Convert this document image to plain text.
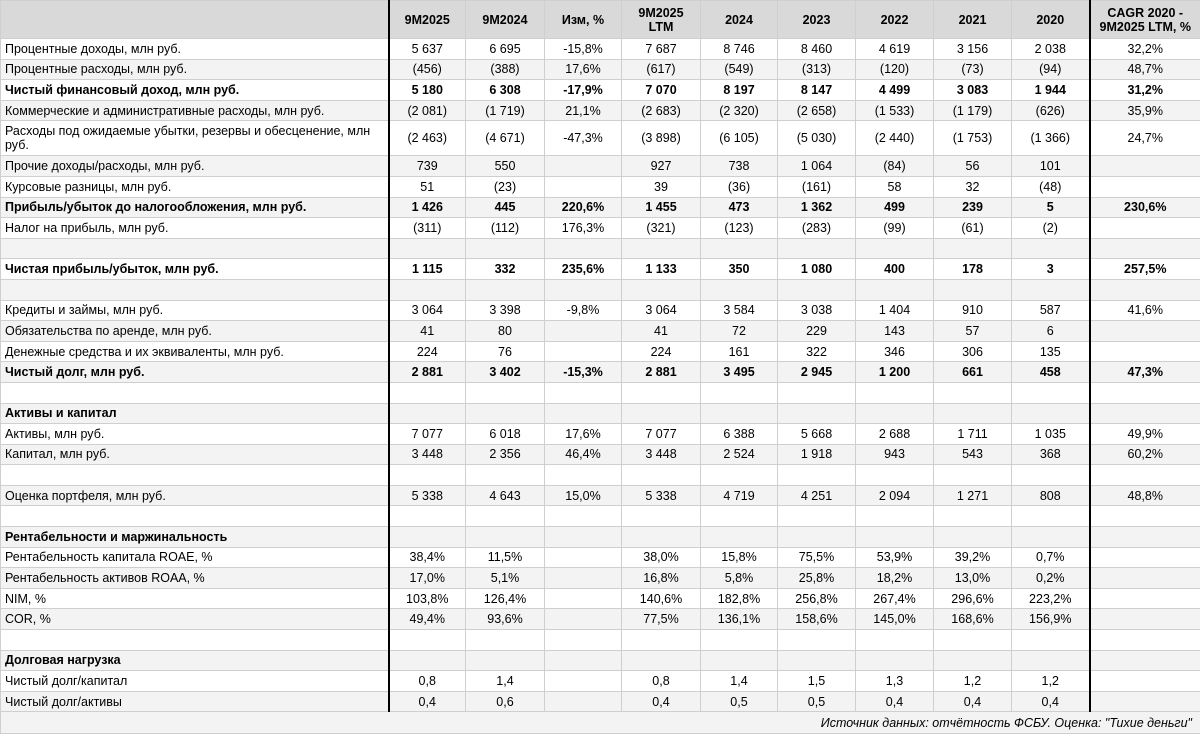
	9M2025	9M2024	Изм, %	9M2025 LTM	2024	2023	2022	2021	2020	CAGR 2020 - 9M2025 LTM, %
Процентные доходы, млн руб.	5 637	6 695	-15,8%	7 687	8 746	8 460	4 619	3 156	2 038	32,2%
Процентные расходы, млн руб.	(456)	(388)	17,6%	(617)	(549)	(313)	(120)	(73)	(94)	48,7%
Чистый финансовый доход, млн руб.	5 180	6 308	-17,9%	7 070	8 197	8 147	4 499	3 083	1 944	31,2%
Коммерческие и административные расходы, млн руб.	(2 081)	(1 719)	21,1%	(2 683)	(2 320)	(2 658)	(1 533)	(1 179)	(626)	35,9%
Расходы под ожидаемые убытки, резервы и обесценение, млн руб.	(2 463)	(4 671)	-47,3%	(3 898)	(6 105)	(5 030)	(2 440)	(1 753)	(1 366)	24,7%
Прочие доходы/расходы, млн руб.	739	550		927	738	1 064	(84)	56	101	
Курсовые разницы, млн руб.	51	(23)		39	(36)	(161)	58	32	(48)	
Прибыль/убыток до налогообложения, млн руб.	1 426	445	220,6%	1 455	473	1 362	499	239	5	230,6%
Налог на прибыль, млн руб.	(311)	(112)	176,3%	(321)	(123)	(283)	(99)	(61)	(2)	

Чистая прибыль/убыток, млн руб.	1 115	332	235,6%	1 133	350	1 080	400	178	3	257,5%

Кредиты и займы, млн руб.	3 064	3 398	-9,8%	3 064	3 584	3 038	1 404	910	587	41,6%
Обязательства по аренде, млн руб.	41	80		41	72	229	143	57	6	
Денежные средства и их эквиваленты, млн руб.	224	76		224	161	322	346	306	135	
Чистый долг, млн руб.	2 881	3 402	-15,3%	2 881	3 495	2 945	1 200	661	458	47,3%

Активы и капитал										
Активы, млн руб.	7 077	6 018	17,6%	7 077	6 388	5 668	2 688	1 711	1 035	49,9%
Капитал, млн руб.	3 448	2 356	46,4%	3 448	2 524	1 918	943	543	368	60,2%

Оценка портфеля, млн руб.	5 338	4 643	15,0%	5 338	4 719	4 251	2 094	1 271	808	48,8%

Рентабельности и маржинальность										
Рентабельность капитала ROAE, %	38,4%	11,5%		38,0%	15,8%	75,5%	53,9%	39,2%	0,7%	
Рентабельность активов ROAA, %	17,0%	5,1%		16,8%	5,8%	25,8%	18,2%	13,0%	0,2%	
NIM, %	103,8%	126,4%		140,6%	182,8%	256,8%	267,4%	296,6%	223,2%	
COR, %	49,4%	93,6%		77,5%	136,1%	158,6%	145,0%	168,6%	156,9%	

Долговая нагрузка										
Чистый долг/капитал	0,8	1,4		0,8	1,4	1,5	1,3	1,2	1,2	
Чистый долг/активы	0,4	0,6		0,4	0,5	0,5	0,4	0,4	0,4	
Источник данных: отчётность ФСБУ. Оценка: "Тихие деньги"										
